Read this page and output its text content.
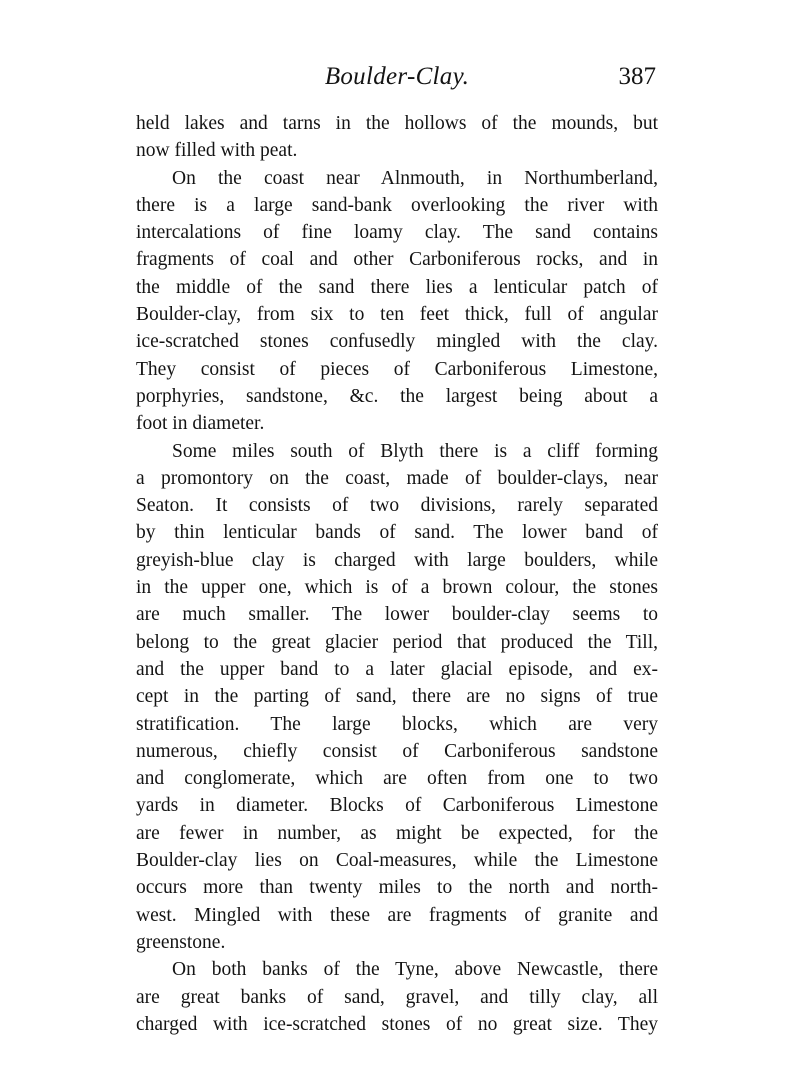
Boulder-Clay.	387
held lakes and tarns in the hollows of the mounds, but
now filled with peat.
On the coast near Alnmouth, in Northumberland,
there is a large sand-bank overlooking the river with
intercalations of fine loamy clay. The sand contains
fragments of coal and other Carboniferous rocks, and in
the middle of the sand there lies a lenticular patch of
Boulder-clay, from six to ten feet thick, full of angular
ice-scratched stones confusedly mingled with the clay.
They consist of pieces of Carboniferous Limestone,
porphyries, sandstone, &c. the largest being about a
foot in diameter.
Some miles south of Blyth there is a cliff forming
a promontory on the coast, made of boulder-clays, near
Seaton. It consists of two divisions, rarely separated
by thin lenticular bands of sand. The lower band of
greyish-blue clay is charged with large boulders, while
in the upper one, which is of a brown colour, the stones
are much smaller. The lower boulder-clay seems to
belong to the great glacier period that produced the Till,
and the upper band to a later glacial episode, and ex-
cept in the parting of sand, there are no signs of true
stratification. The large blocks, which are very
numerous, chiefly consist of Carboniferous sandstone
and conglomerate, which are often from one to two
yards in diameter. Blocks of Carboniferous Limestone
are fewer in number, as might be expected, for the
Boulder-clay lies on Coal-measures, while the Limestone
occurs more than twenty miles to the north and north-
west. Mingled with these are fragments of granite and
greenstone.
On both banks of the Tyne, above Newcastle, there
are great banks of sand, gravel, and tilly clay, all
charged with ice-scratched stones of no great size. They
